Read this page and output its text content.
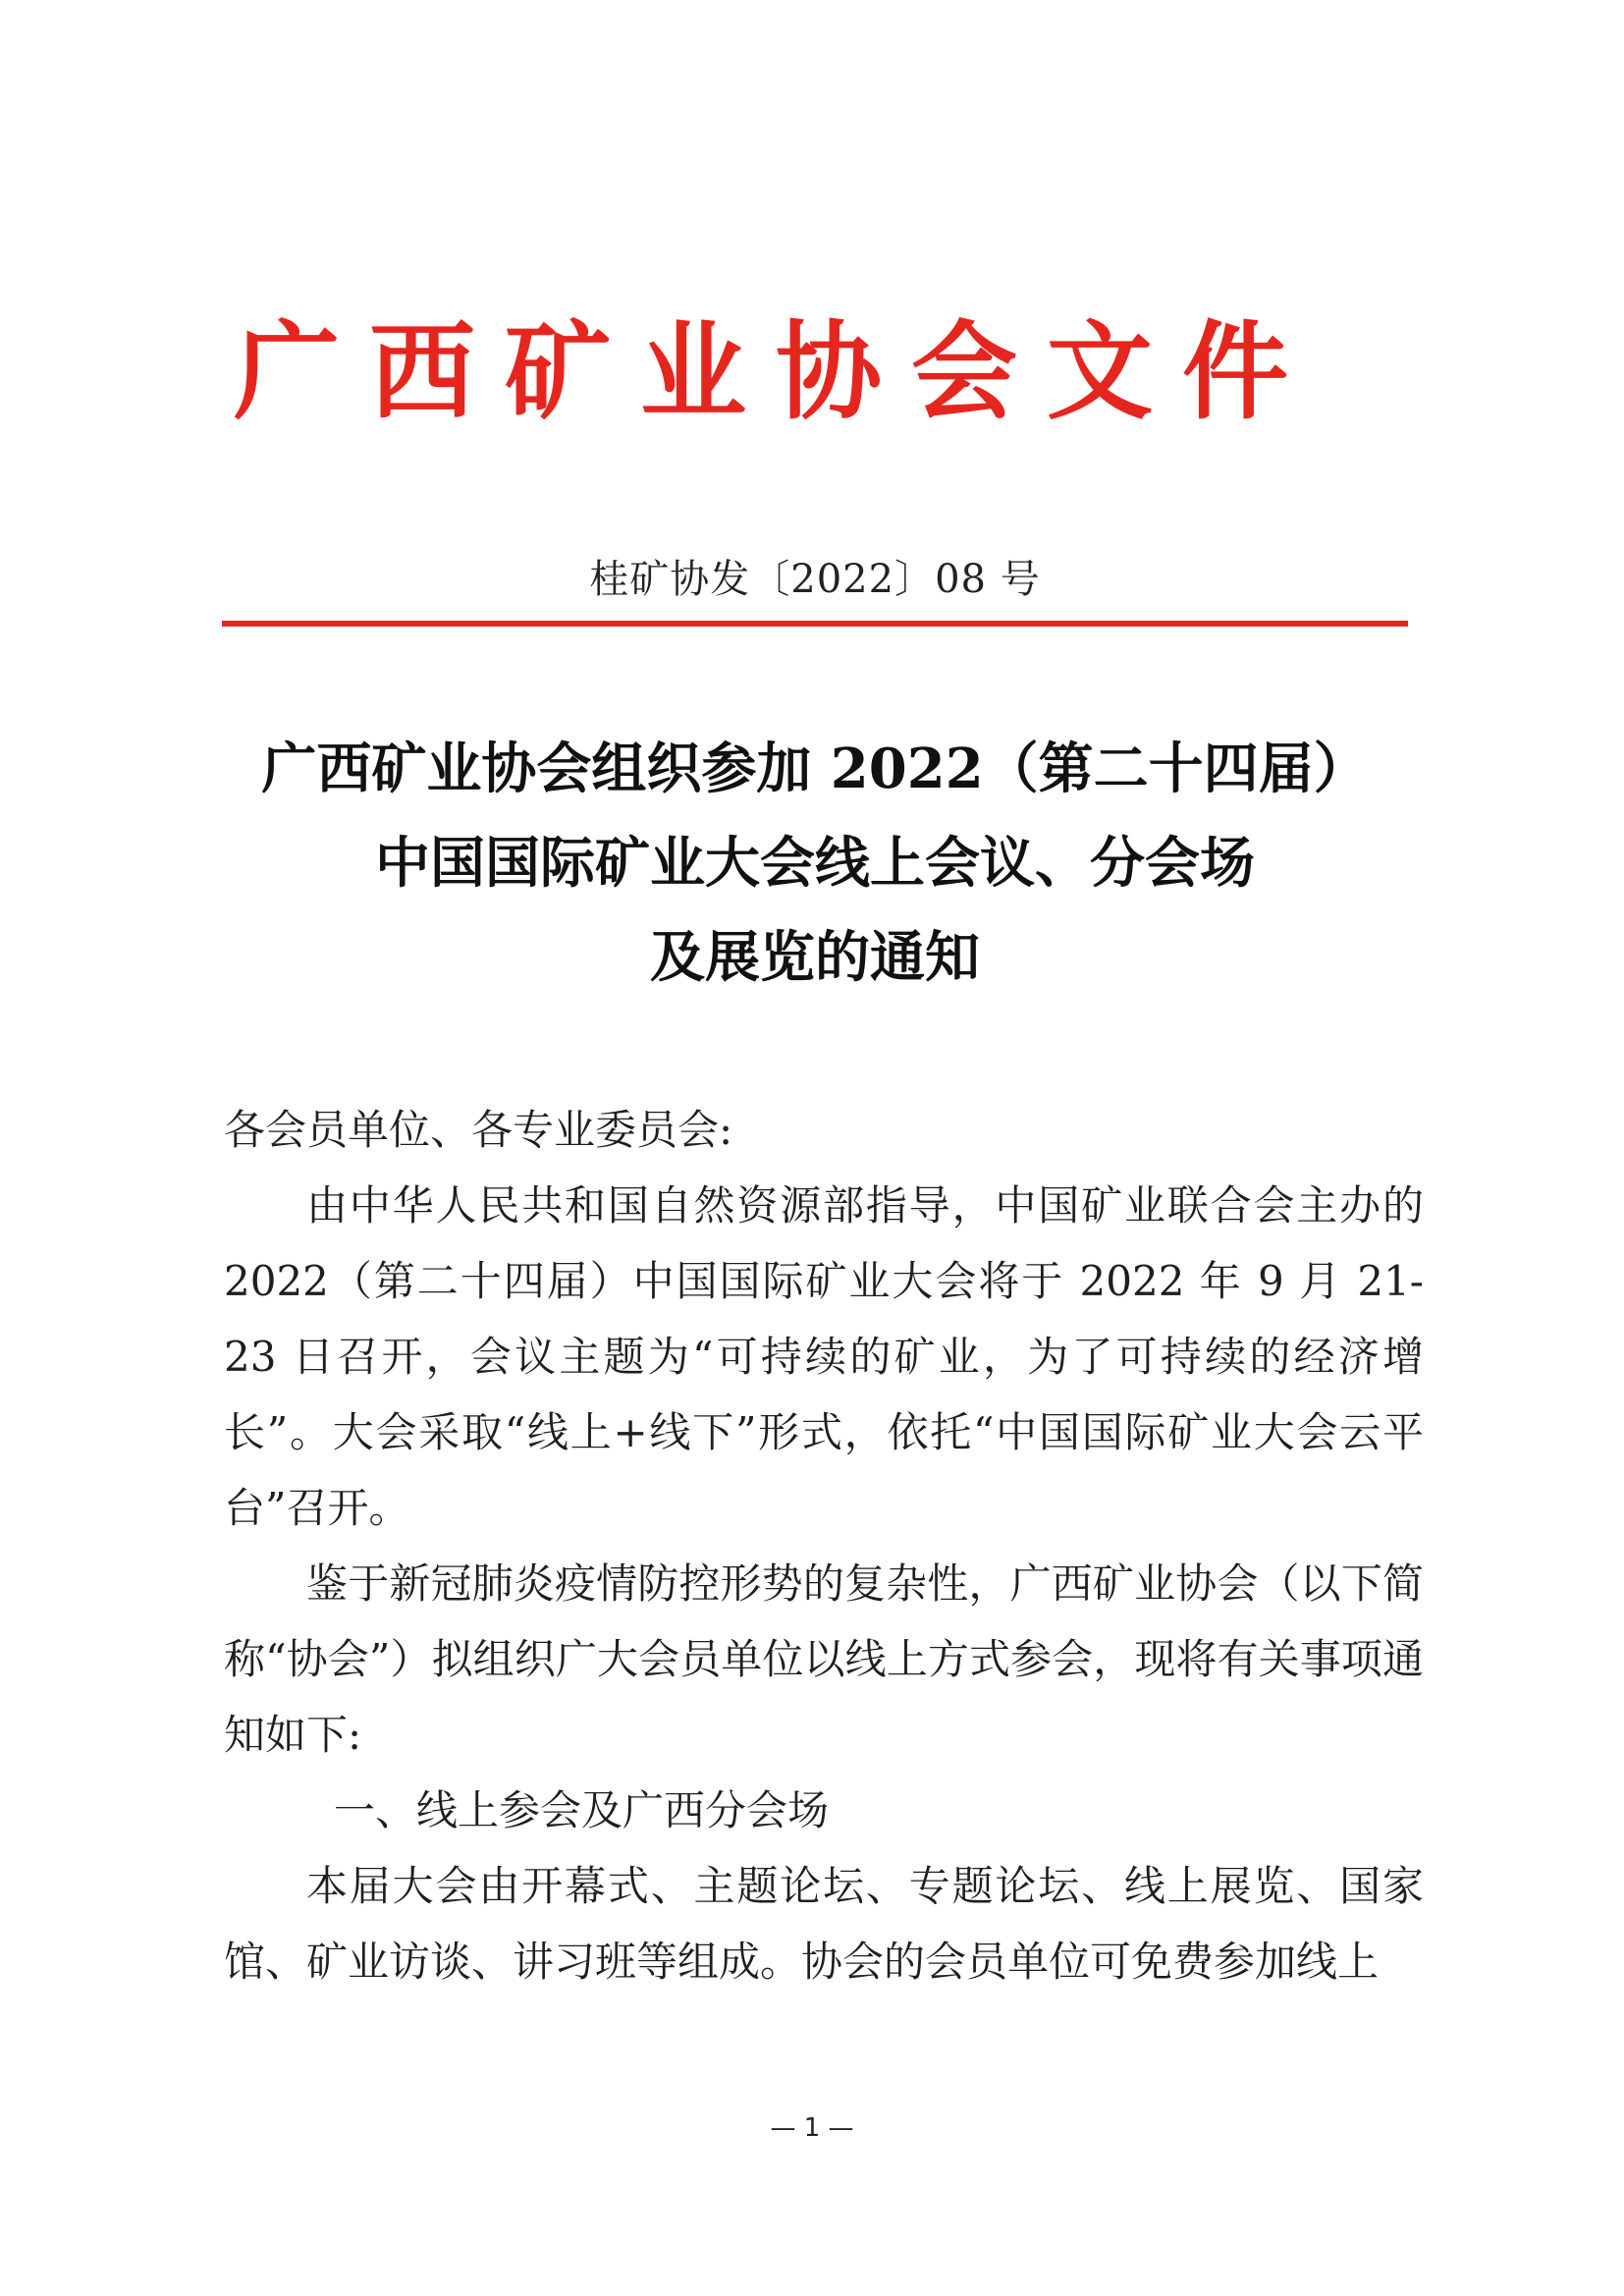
广西矿业协会文件
桂矿协发〔2022〕08 号
广西矿业协会组织参加 2022（第二十四届）
中国国际矿业大会线上会议、分会场
及展览的通知

各会员单位、各专业委员会:

由中华人民共和国自然资源部指导，中国矿业联合会主办的 2022（第二十四届）中国国际矿业大会将于 2022 年 9 月 21-23 日召开，会议主题为“可持续的矿业，为了可持续的经济增长”。大会采取“线上+线下”形式，依托“中国国际矿业大会云平台”召开。

鉴于新冠肺炎疫情防控形势的复杂性，广西矿业协会（以下简称“协会”）拟组织广大会员单位以线上方式参会，现将有关事项通知如下:

一、线上参会及广西分会场

本届大会由开幕式、主题论坛、专题论坛、线上展览、国家馆、矿业访谈、讲习班等组成。协会的会员单位可免费参加线上

— 1 —
